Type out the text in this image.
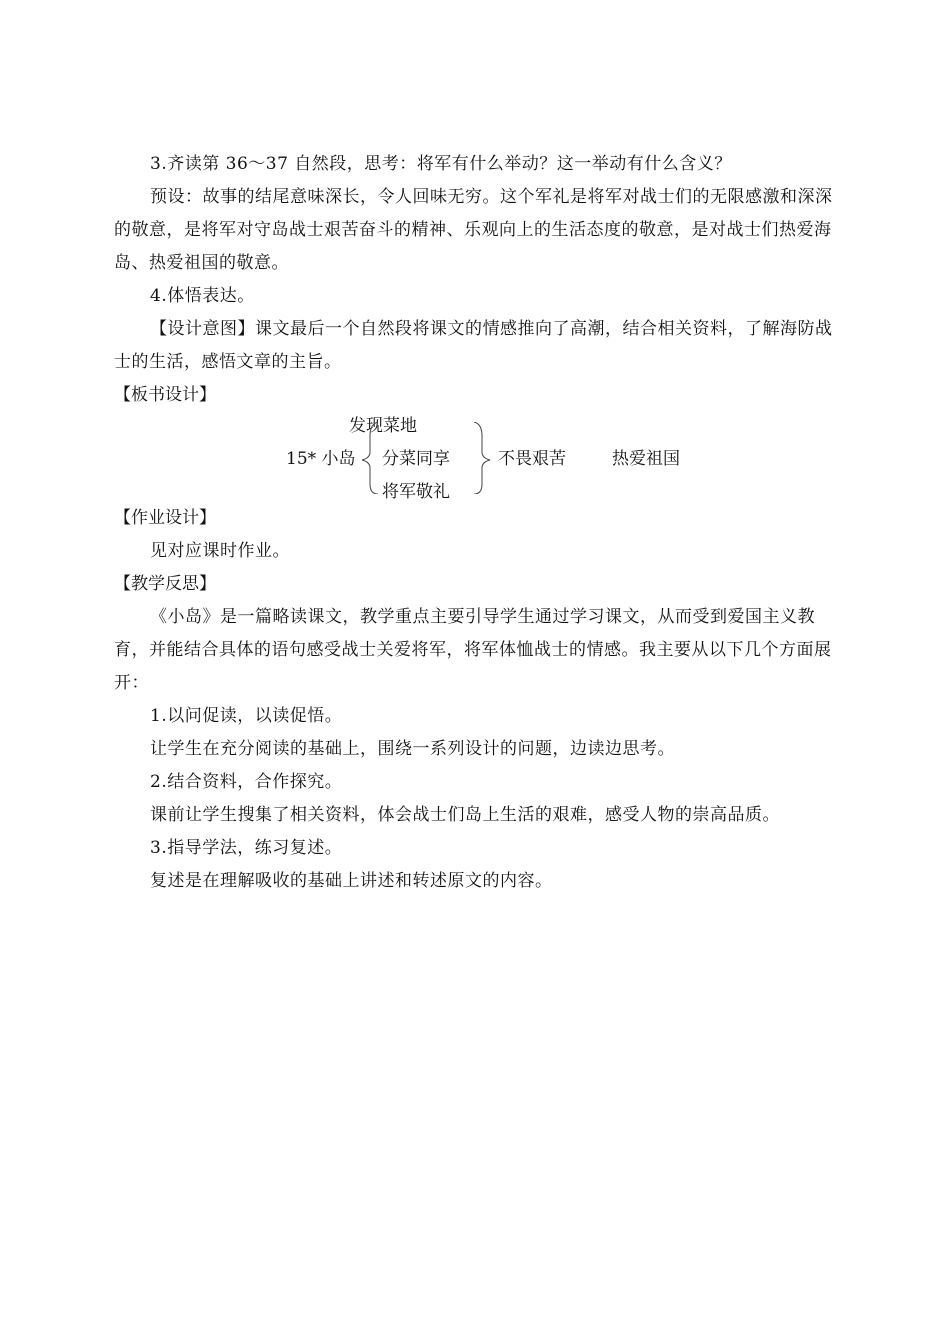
3.齐读第 36～37 自然段，思考：将军有什么举动？这一举动有什么含义？

预设：故事的结尾意味深长，令人回味无穷。这个军礼是将军对战士们的无限感激和深深的敬意，是将军对守岛战士艰苦奋斗的精神、乐观向上的生活态度的敬意，是对战士们热爱海岛、热爱祖国的敬意。

4.体悟表达。

【设计意图】课文最后一个自然段将课文的情感推向了高潮，结合相关资料，了解海防战士的生活，感悟文章的主旨。

【板书设计】

发现菜地
15* 小岛 分菜同享
将军敬礼
不畏艰苦	热爱祖国

【作业设计】

见对应课时作业。

【教学反思】

《小岛》是一篇略读课文，教学重点主要引导学生通过学习课文，从而受到爱国主义教育，并能结合具体的语句感受战士关爱将军，将军体恤战士的情感。我主要从以下几个方面展开：

1.以问促读，以读促悟。

让学生在充分阅读的基础上，围绕一系列设计的问题，边读边思考。

2.结合资料，合作探究。

课前让学生搜集了相关资料，体会战士们岛上生活的艰难，感受人物的崇高品质。

3.指导学法，练习复述。

复述是在理解吸收的基础上讲述和转述原文的内容。
